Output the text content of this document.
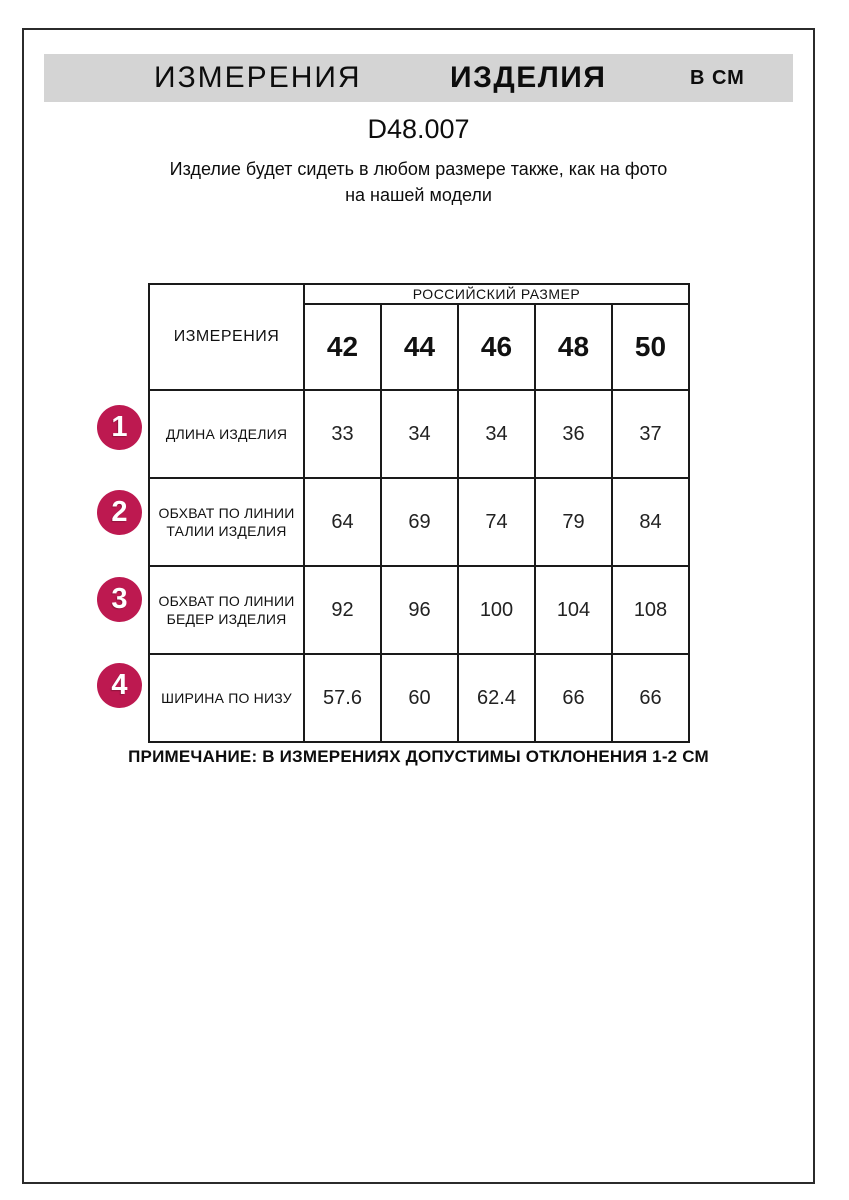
ИЗМЕРЕНИЯ	ИЗДЕЛИЯ	В СМ
D48.007
Изделие будет сидеть в любом размере также, как на фото
на нашей модели
ИЗМЕРЕНИЯ	РОССИЙСКИЙ РАЗМЕР				
	42	44	46	48	50
ДЛИНА ИЗДЕЛИЯ	33	34	34	36	37
ОБХВАТ ПО ЛИНИИ ТАЛИИ ИЗДЕЛИЯ	64	69	74	79	84
ОБХВАТ ПО ЛИНИИ БЕДЕР ИЗДЕЛИЯ	92	96	100	104	108
ШИРИНА ПО НИЗУ	57.6	60	62.4	66	66
1
2
3
4
ПРИМЕЧАНИЕ: В ИЗМЕРЕНИЯХ ДОПУСТИМЫ ОТКЛОНЕНИЯ 1-2 СМ
